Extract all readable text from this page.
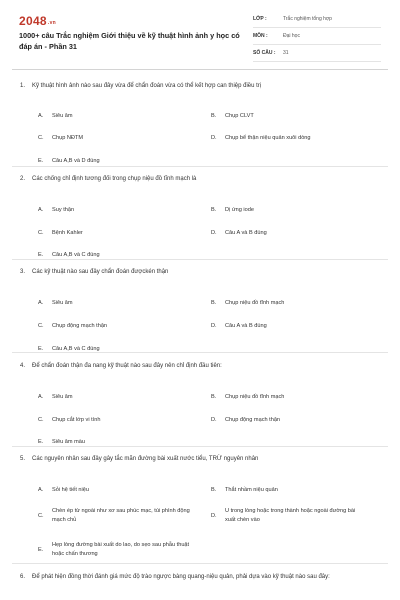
2048.vn
1000+ câu Trắc nghiệm Giới thiệu về kỹ thuật hình ảnh y học có đáp án - Phần 31
LỚP :	Trắc nghiệm tổng hợp
MÔN :	Đại học
SỐ CÂU :	31
1.	Kỹ thuật hình ảnh nào sau đây vừa để chẩn đoán vừa có thể kết hợp can thiệp điều trị
A.	Siêu âm	B.	Chụp CLVT
C.	Chụp NĐTM	D.	Chụp bể thận niệu quản xuôi dòng
E.	Câu A,B và D đúng
2.	Các chống chỉ định tương đối trong chụp niệu đồ tĩnh mạch là
A.	Suy thận	B.	Dị ứng iode
C.	Bệnh Kahler	D.	Câu A và B đúng
E.	Câu A,B và C đúng
3.	Các kỹ thuật nào sau đây chẩn đoán đượckén thận
A.	Siêu âm	B.	Chụp niệu đồ tĩnh mạch
C.	Chụp động mạch thận	D.	Câu A và B đúng
E.	Câu A,B và C đúng
4.	Để chẩn đoán thận đa nang kỹ thuật nào sau đây nên chỉ định đầu tiên:
A.	Siêu âm	B.	Chụp niệu đồ tĩnh mạch
C.	Chụp cắt lớp vi tính	D.	Chụp động mạch thận
E.	Siêu âm màu
5.	Các nguyên nhân sau đây gây tắc mãn đường bài xuất nước tiểu, TRỪ nguyên nhân
A.	Sỏi hệ tiết niệu	B.	Thắt nhầm niệu quản
C.
Chèn ép từ ngoài như xơ sau phúc mạc, túi phình động mạch chủ
D.
U trong lòng hoặc trong thành hoặc ngoài đường bài xuất chèn vào
E.
Hẹp lòng đường bài xuất do lao, do sẹo sau phẫu thuật hoặc chấn thương
6.	Để phát hiện đồng thời đánh giá mức độ trào ngược bàng quang-niệu quản, phải dựa vào kỹ thuật nào sau đây:
